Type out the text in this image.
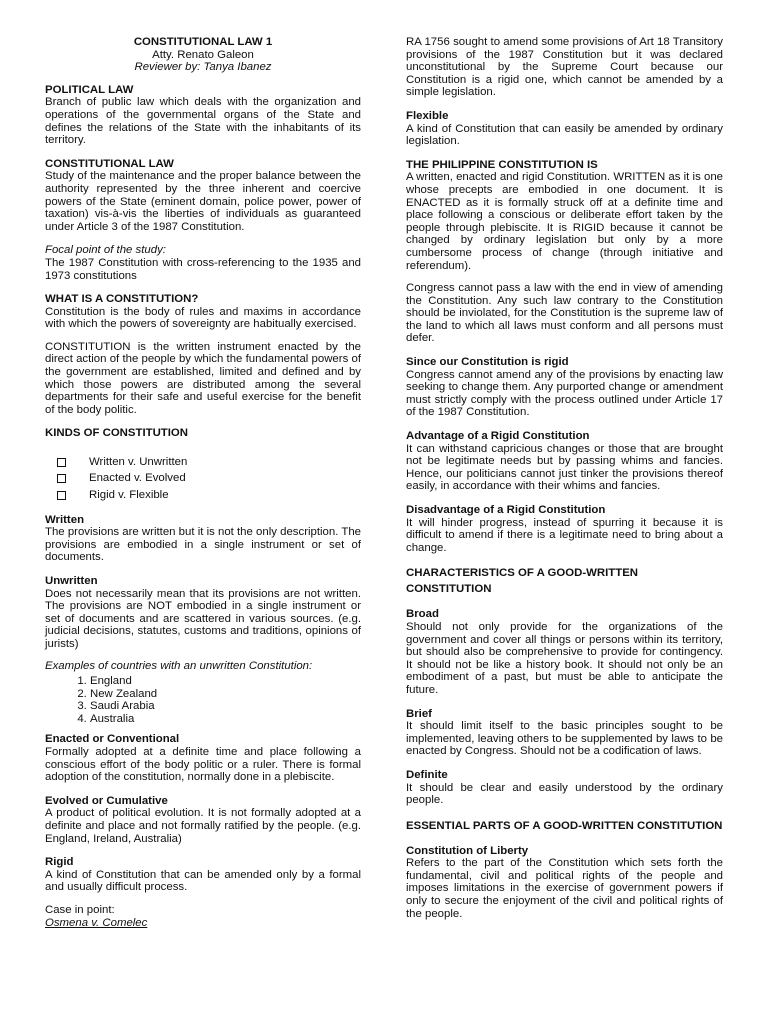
CONSTITUTIONAL LAW 1
Atty. Renato Galeon
Reviewer by: Tanya Ibanez
POLITICAL LAW

Branch of public law which deals with the organization and operations of the governmental organs of the State and defines the relations of the State with the inhabitants of its territory.

CONSTITUTIONAL LAW

Study of the maintenance and the proper balance between the authority represented by the three inherent and coercive powers of the State (eminent domain, police power, power of taxation) vis-à-vis the liberties of individuals as guaranteed under Article 3 of the 1987 Constitution.

Focal point of the study:

The 1987 Constitution with cross-referencing to the 1935 and 1973 constitutions

WHAT IS A CONSTITUTION?

Constitution is the body of rules and maxims in accordance with which the powers of sovereignty are habitually exercised.

CONSTITUTION is the written instrument enacted by the direct action of the people by which the fundamental powers of the government are established, limited and defined and by which those powers are distributed among the several departments for their safe and useful exercise for the benefit of the body politic.

KINDS OF CONSTITUTION
Written v. Unwritten
Enacted v. Evolved
Rigid v. Flexible
Written

The provisions are written but it is not the only description. The provisions are embodied in a single instrument or set of documents.

Unwritten

Does not necessarily mean that its provisions are not written. The provisions are NOT embodied in a single instrument or set of documents and are scattered in various sources. (e.g. judicial decisions, statutes, customs and traditions, opinions of jurists)

Examples of countries with an unwritten Constitution:

1. England
2. New Zealand
3. Saudi Arabia
4. Australia
Enacted or Conventional

Formally adopted at a definite time and place following a conscious effort of the body politic or a ruler. There is formal adoption of the constitution, normally done in a plebiscite.

Evolved or Cumulative

A product of political evolution. It is not formally adopted at a definite and place and not formally ratified by the people. (e.g. England, Ireland, Australia)

Rigid

A kind of Constitution that can be amended only by a formal and usually difficult process.

Case in point:

Osmena v. Comelec

RA 1756 sought to amend some provisions of Art 18 Transitory provisions of the 1987 Constitution but it was declared unconstitutional by the Supreme Court because our Constitution is a rigid one, which cannot be amended by a simple legislation.

Flexible

A kind of Constitution that can easily be amended by ordinary legislation.

THE PHILIPPINE CONSTITUTION IS

A written, enacted and rigid Constitution. WRITTEN as it is one whose precepts are embodied in one document. It is ENACTED as it is formally struck off at a definite time and place following a conscious or deliberate effort taken by the people through plebiscite. It is RIGID because it cannot be changed by ordinary legislation but only by a more cumbersome process of change (through initiative and referendum).

Congress cannot pass a law with the end in view of amending the Constitution. Any such law contrary to the Constitution should be inviolated, for the Constitution is the supreme law of the land to which all laws must conform and all persons must defer.

Since our Constitution is rigid

Congress cannot amend any of the provisions by enacting law seeking to change them. Any purported change or amendment must strictly comply with the process outlined under Article 17 of the 1987 Constitution.

Advantage of a Rigid Constitution

It can withstand capricious changes or those that are brought not be legitimate needs but by passing whims and fancies. Hence, our politicians cannot just tinker the provisions thereof easily, in accordance with their whims and fancies.

Disadvantage of a Rigid Constitution

It will hinder progress, instead of spurring it because it is difficult to amend if there is a legitimate need to bring about a change.

CHARACTERISTICS OF A GOOD-WRITTEN CONSTITUTION
Broad

Should not only provide for the organizations of the government and cover all things or persons within its territory, but should also be comprehensive to provide for contingency. It should not be like a history book. It should not only be an embodiment of a past, but must be able to anticipate the future.

Brief

It should limit itself to the basic principles sought to be implemented, leaving others to be supplemented by laws to be enacted by Congress. Should not be a codification of laws.

Definite

It should be clear and easily understood by the ordinary people.

ESSENTIAL PARTS OF A GOOD-WRITTEN CONSTITUTION
Constitution of Liberty

Refers to the part of the Constitution which sets forth the fundamental, civil and political rights of the people and imposes limitations in the exercise of government powers if only to secure the enjoyment of the civil and political rights of the people.
